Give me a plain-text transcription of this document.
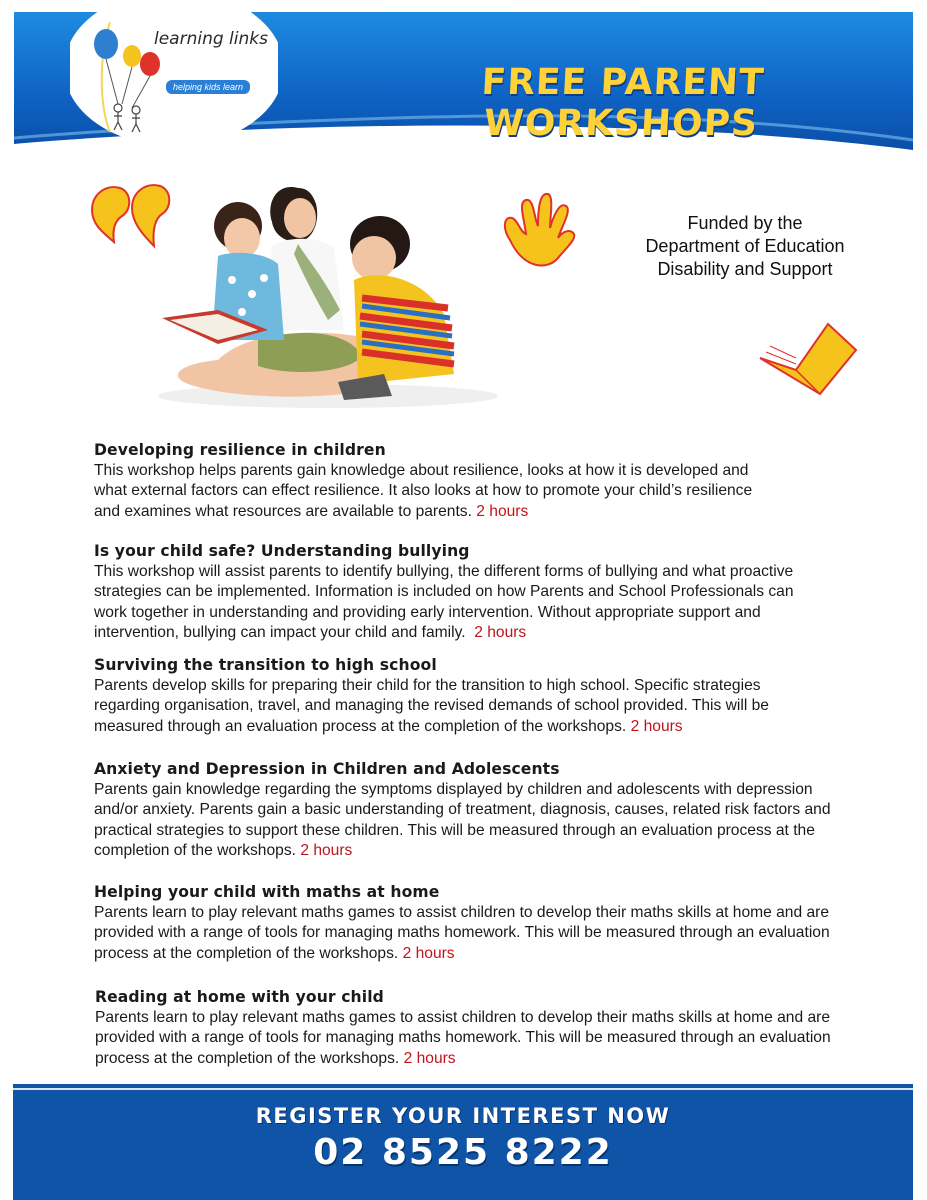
learning links
helping kids learn	FREE PARENT WORKSHOPS
Funded by the
Department of Education
Disability and Support
Developing resilience in children

This workshop helps parents gain knowledge about resilience, looks at how it is developed and what external factors can effect resilience. It also looks at how to promote your child’s resilience and examines what resources are available to parents. 2 hours

Is your child safe? Understanding bullying

This workshop will assist parents to identify bullying, the different forms of bullying and what proactive strategies can be implemented. Information is included on how Parents and School Professionals can work together in understanding and providing early intervention. Without appropriate support and intervention, bullying can impact your child and family. 2 hours

Surviving the transition to high school

Parents develop skills for preparing their child for the transition to high school. Specific strategies regarding organisation, travel, and managing the revised demands of school provided. This will be measured through an evaluation process at the completion of the workshops. 2 hours

Anxiety and Depression in Children and Adolescents

Parents gain knowledge regarding the symptoms displayed by children and adolescents with depression and/or anxiety. Parents gain a basic understanding of treatment, diagnosis, causes, related risk factors and practical strategies to support these children. This will be measured through an evaluation process at the completion of the workshops. 2 hours

Helping your child with maths at home

Parents learn to play relevant maths games to assist children to develop their maths skills at home and are provided with a range of tools for managing maths homework. This will be measured through an evaluation process at the completion of the workshops. 2 hours

Reading at home with your child

Parents learn to play relevant maths games to assist children to develop their maths skills at home and are provided with a range of tools for managing maths homework. This will be measured through an evaluation process at the completion of the workshops. 2 hours

REGISTER YOUR INTEREST NOW
02 8525 8222
